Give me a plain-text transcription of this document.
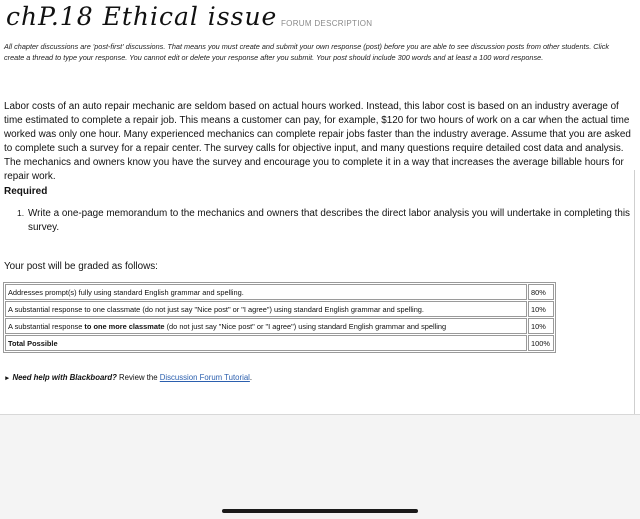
chP.18 Ethical issue FORUM DESCRIPTION

All chapter discussions are 'post-first' discussions. That means you must create and submit your own response (post) before you are able to see discussion posts from other students. Click create a thread to type your response. You cannot edit or delete your response after you submit. Your post should include 300 words and at least a 100 word response.

Labor costs of an auto repair mechanic are seldom based on actual hours worked. Instead, this labor cost is based on an industry average of time estimated to complete a repair job. This means a customer can pay, for example, $120 for two hours of work on a car when the actual time worked was only one hour. Many experienced mechanics can complete repair jobs faster than the industry average. Assume that you are asked to complete such a survey for a repair center. The survey calls for objective input, and many questions require detailed cost data and analysis. The mechanics and owners know you have the survey and encourage you to complete it in a way that increases the average billable hours for repair work.

Required
1. Write a one-page memorandum to the mechanics and owners that describes the direct labor analysis you will undertake in completing this survey.

Your post will be graded as follows:

Addresses prompt(s) fully using standard English grammar and spelling.	80%
A substantial response to one classmate (do not just say "Nice post" or "I agree") using standard English grammar and spelling.	10%
A substantial response to one more classmate (do not just say "Nice post" or "I agree") using standard English grammar and spelling	10%
Total Possible	100%

► Need help with Blackboard? Review the Discussion Forum Tutorial.
